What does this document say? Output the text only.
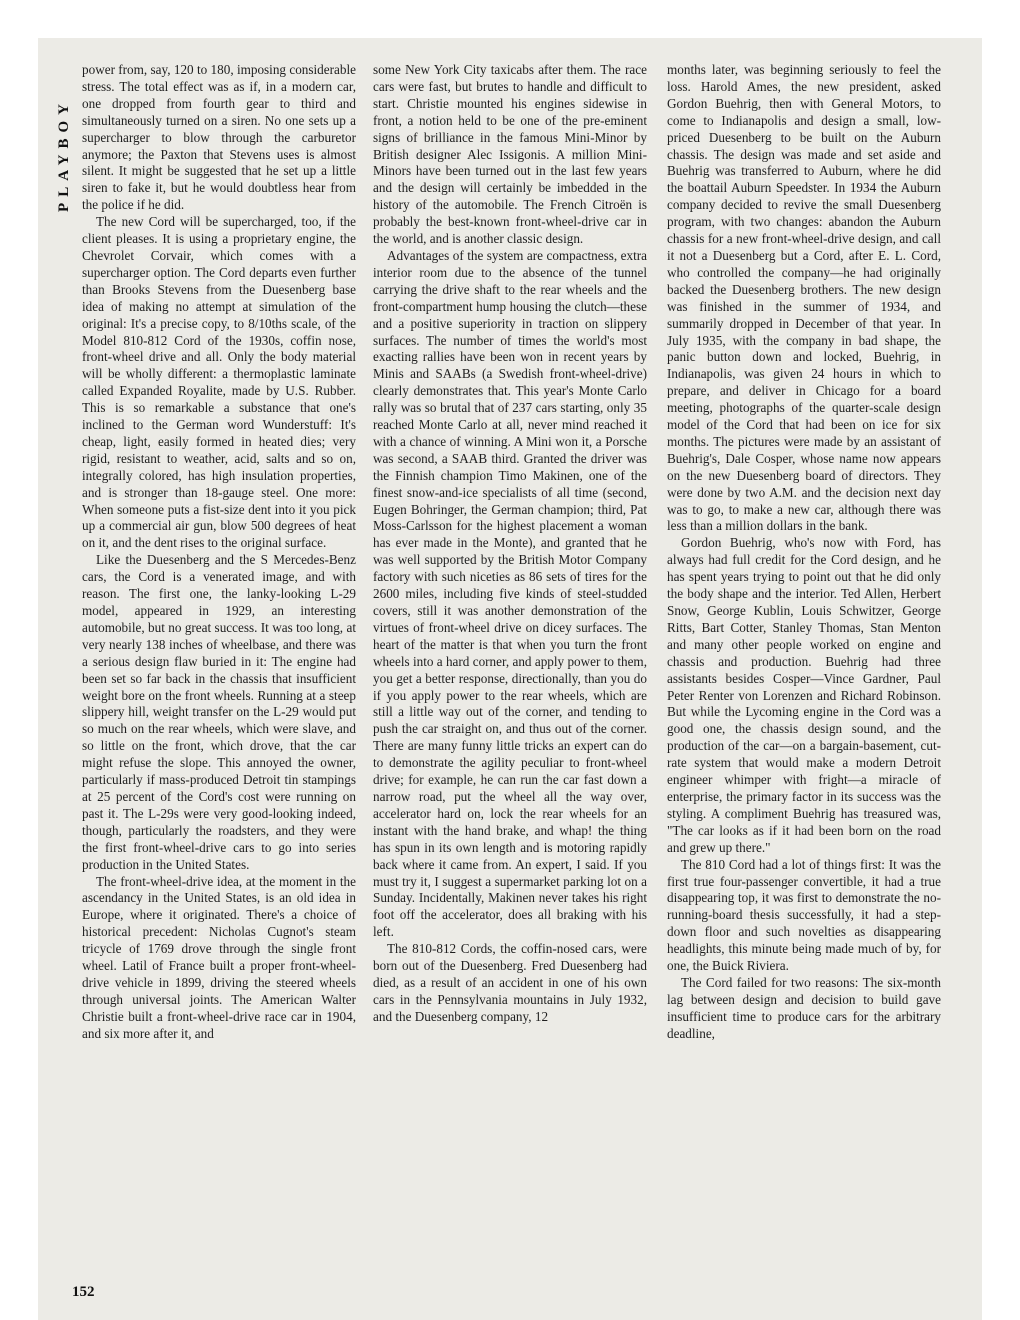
PLAYBOY
152

power from, say, 120 to 180, imposing considerable stress. The total effect was as if, in a modern car, one dropped from fourth gear to third and simultaneously turned on a siren. No one sets up a supercharger to blow through the carburetor anymore; the Paxton that Stevens uses is almost silent. It might be suggested that he set up a little siren to fake it, but he would doubtless hear from the police if he did.

The new Cord will be supercharged, too, if the client pleases. It is using a proprietary engine, the Chevrolet Corvair, which comes with a supercharger option. The Cord departs even further than Brooks Stevens from the Duesenberg base idea of making no attempt at simulation of the original: It's a precise copy, to 8/10ths scale, of the Model 810-812 Cord of the 1930s, coffin nose, front-wheel drive and all. Only the body material will be wholly different: a thermoplastic laminate called Expanded Royalite, made by U.S. Rubber. This is so remarkable a substance that one's inclined to the German word Wunderstuff: It's cheap, light, easily formed in heated dies; very rigid, resistant to weather, acid, salts and so on, integrally colored, has high insulation properties, and is stronger than 18-gauge steel. One more: When someone puts a fist-size dent into it you pick up a commercial air gun, blow 500 degrees of heat on it, and the dent rises to the original surface.

Like the Duesenberg and the S Mercedes-Benz cars, the Cord is a venerated image, and with reason. The first one, the lanky-looking L-29 model, appeared in 1929, an interesting automobile, but no great success. It was too long, at very nearly 138 inches of wheelbase, and there was a serious design flaw buried in it: The engine had been set so far back in the chassis that insufficient weight bore on the front wheels. Running at a steep slippery hill, weight transfer on the L-29 would put so much on the rear wheels, which were slave, and so little on the front, which drove, that the car might refuse the slope. This annoyed the owner, particularly if mass-produced Detroit tin stampings at 25 percent of the Cord's cost were running on past it. The L-29s were very good-looking indeed, though, particularly the roadsters, and they were the first front-wheel-drive cars to go into series production in the United States.

The front-wheel-drive idea, at the moment in the ascendancy in the United States, is an old idea in Europe, where it originated. There's a choice of historical precedent: Nicholas Cugnot's steam tricycle of 1769 drove through the single front wheel. Latil of France built a proper front-wheel-drive vehicle in 1899, driving the steered wheels through universal joints. The American Walter Christie built a front-wheel-drive race car in 1904, and six more after it, and

some New York City taxicabs after them. The race cars were fast, but brutes to handle and difficult to start. Christie mounted his engines sidewise in front, a notion held to be one of the pre-eminent signs of brilliance in the famous Mini-Minor by British designer Alec Issigonis. A million Mini-Minors have been turned out in the last few years and the design will certainly be imbedded in the history of the automobile. The French Citroën is probably the best-known front-wheel-drive car in the world, and is another classic design.

Advantages of the system are compactness, extra interior room due to the absence of the tunnel carrying the drive shaft to the rear wheels and the front-compartment hump housing the clutch—these and a positive superiority in traction on slippery surfaces. The number of times the world's most exacting rallies have been won in recent years by Minis and SAABs (a Swedish front-wheel-drive) clearly demonstrates that. This year's Monte Carlo rally was so brutal that of 237 cars starting, only 35 reached Monte Carlo at all, never mind reached it with a chance of winning. A Mini won it, a Porsche was second, a SAAB third. Granted the driver was the Finnish champion Timo Makinen, one of the finest snow-and-ice specialists of all time (second, Eugen Bohringer, the German champion; third, Pat Moss-Carlsson for the highest placement a woman has ever made in the Monte), and granted that he was well supported by the British Motor Company factory with such niceties as 86 sets of tires for the 2600 miles, including five kinds of steel-studded covers, still it was another demonstration of the virtues of front-wheel drive on dicey surfaces. The heart of the matter is that when you turn the front wheels into a hard corner, and apply power to them, you get a better response, directionally, than you do if you apply power to the rear wheels, which are still a little way out of the corner, and tending to push the car straight on, and thus out of the corner. There are many funny little tricks an expert can do to demonstrate the agility peculiar to front-wheel drive; for example, he can run the car fast down a narrow road, put the wheel all the way over, accelerator hard on, lock the rear wheels for an instant with the hand brake, and whap! the thing has spun in its own length and is motoring rapidly back where it came from. An expert, I said. If you must try it, I suggest a supermarket parking lot on a Sunday. Incidentally, Makinen never takes his right foot off the accelerator, does all braking with his left.

The 810-812 Cords, the coffin-nosed cars, were born out of the Duesenberg. Fred Duesenberg had died, as a result of an accident in one of his own cars in the Pennsylvania mountains in July 1932, and the Duesenberg company, 12

months later, was beginning seriously to feel the loss. Harold Ames, the new president, asked Gordon Buehrig, then with General Motors, to come to Indianapolis and design a small, low-priced Duesenberg to be built on the Auburn chassis. The design was made and set aside and Buehrig was transferred to Auburn, where he did the boattail Auburn Speedster. In 1934 the Auburn company decided to revive the small Duesenberg program, with two changes: abandon the Auburn chassis for a new front-wheel-drive design, and call it not a Duesenberg but a Cord, after E. L. Cord, who controlled the company—he had originally backed the Duesenberg brothers. The new design was finished in the summer of 1934, and summarily dropped in December of that year. In July 1935, with the company in bad shape, the panic button down and locked, Buehrig, in Indianapolis, was given 24 hours in which to prepare, and deliver in Chicago for a board meeting, photographs of the quarter-scale design model of the Cord that had been on ice for six months. The pictures were made by an assistant of Buehrig's, Dale Cosper, whose name now appears on the new Duesenberg board of directors. They were done by two A.M. and the decision next day was to go, to make a new car, although there was less than a million dollars in the bank.

Gordon Buehrig, who's now with Ford, has always had full credit for the Cord design, and he has spent years trying to point out that he did only the body shape and the interior. Ted Allen, Herbert Snow, George Kublin, Louis Schwitzer, George Ritts, Bart Cotter, Stanley Thomas, Stan Menton and many other people worked on engine and chassis and production. Buehrig had three assistants besides Cosper—Vince Gardner, Paul Peter Renter von Lorenzen and Richard Robinson. But while the Lycoming engine in the Cord was a good one, the chassis design sound, and the production of the car—on a bargain-basement, cut-rate system that would make a modern Detroit engineer whimper with fright—a miracle of enterprise, the primary factor in its success was the styling. A compliment Buehrig has treasured was, "The car looks as if it had been born on the road and grew up there."

The 810 Cord had a lot of things first: It was the first true four-passenger convertible, it had a true disappearing top, it was first to demonstrate the no-running-board thesis successfully, it had a step-down floor and such novelties as disappearing headlights, this minute being made much of by, for one, the Buick Riviera.

The Cord failed for two reasons: The six-month lag between design and decision to build gave insufficient time to produce cars for the arbitrary deadline,
